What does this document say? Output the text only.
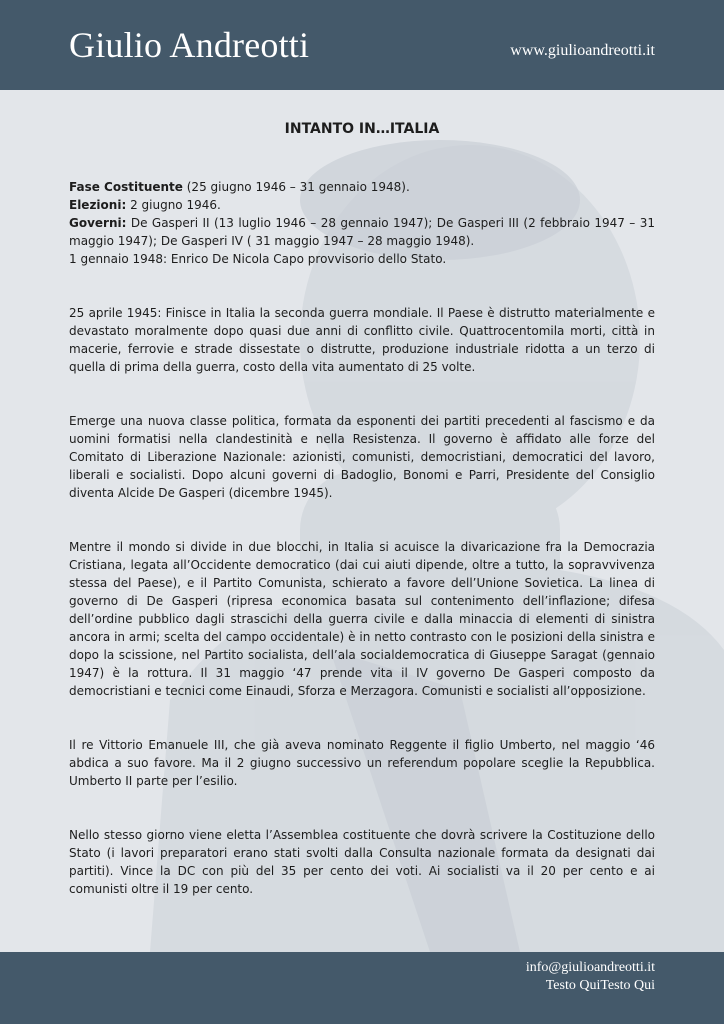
Giulio Andreotti	www.giulioandreotti.it
INTANTO IN…ITALIA

Fase Costituente (25 giugno 1946 – 31 gennaio 1948).

Elezioni: 2 giugno 1946.

Governi: De Gasperi II (13 luglio 1946 – 28 gennaio 1947); De Gasperi III (2 febbraio 1947 – 31 maggio 1947); De Gasperi IV ( 31 maggio 1947 – 28 maggio 1948).

1 gennaio 1948: Enrico De Nicola Capo provvisorio dello Stato.

25 aprile 1945: Finisce in Italia la seconda guerra mondiale. Il Paese è distrutto materialmente e devastato moralmente dopo quasi due anni di conflitto civile. Quattrocentomila morti, città in macerie, ferrovie e strade dissestate o distrutte, produzione industriale ridotta a un terzo di quella di prima della guerra, costo della vita aumentato di 25 volte.

Emerge una nuova classe politica, formata da esponenti dei partiti precedenti al fascismo e da uomini formatisi nella clandestinità e nella Resistenza. Il governo è affidato alle forze del Comitato di Liberazione Nazionale: azionisti, comunisti, democristiani, democratici del lavoro, liberali e socialisti. Dopo alcuni governi di Badoglio, Bonomi e Parri, Presidente del Consiglio diventa Alcide De Gasperi (dicembre 1945).

Mentre il mondo si divide in due blocchi, in Italia si acuisce la divaricazione fra la Democrazia Cristiana, legata all’Occidente democratico (dai cui aiuti dipende, oltre a tutto, la sopravvivenza stessa del Paese), e il Partito Comunista, schierato a favore dell’Unione Sovietica. La linea di governo di De Gasperi (ripresa economica basata sul contenimento dell’inflazione; difesa dell’ordine pubblico dagli strascichi della guerra civile e dalla minaccia di elementi di sinistra ancora in armi; scelta del campo occidentale) è in netto contrasto con le posizioni della sinistra e dopo la scissione, nel Partito socialista, dell’ala socialdemocratica di Giuseppe Saragat (gennaio 1947) è la rottura. Il 31 maggio ‘47 prende vita il IV governo De Gasperi composto da democristiani e tecnici come Einaudi, Sforza e Merzagora. Comunisti e socialisti all’opposizione.

Il re Vittorio Emanuele III, che già aveva nominato Reggente il figlio Umberto, nel maggio ‘46 abdica a suo favore. Ma il 2 giugno successivo un referendum popolare sceglie la Repubblica. Umberto II parte per l’esilio.

Nello stesso giorno viene eletta l’Assemblea costituente che dovrà scrivere la Costituzione dello Stato (i lavori preparatori erano stati svolti dalla Consulta nazionale formata da designati dai partiti). Vince la DC con più del 35 per cento dei voti. Ai socialisti va il 20 per cento e ai comunisti oltre il 19 per cento.

info@giulioandreotti.it
Testo QuiTesto Qui
